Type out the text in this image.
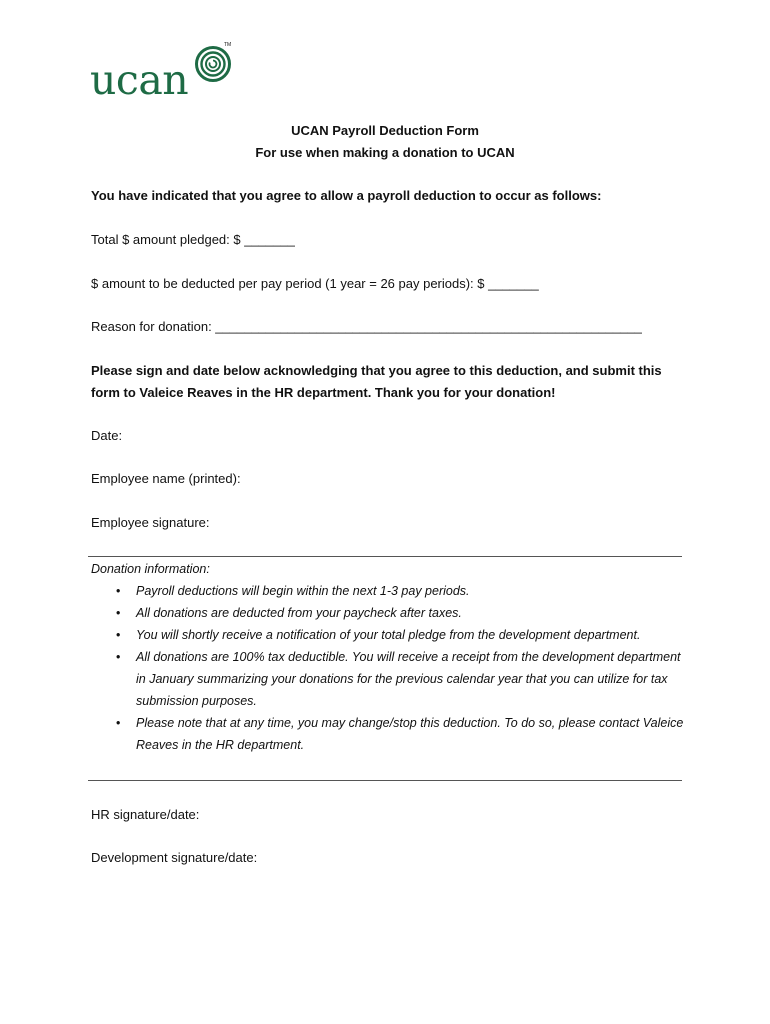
ucan
TM
UCAN Payroll Deduction Form
For use when making a donation to UCAN
You have indicated that you agree to allow a payroll deduction to occur as follows:
Total $ amount pledged: $ _______
$ amount to be deducted per pay period (1 year = 26 pay periods): $ _______
Reason for donation: ___________________________________________________________
Please sign and date below acknowledging that you agree to this deduction, and submit this form to Valeice Reaves in the HR department. Thank you for your donation!
Date:
Employee name (printed):
Employee signature:
Donation information:
• Payroll deductions will begin within the next 1-3 pay periods.
• All donations are deducted from your paycheck after taxes.
• You will shortly receive a notification of your total pledge from the development department.
• All donations are 100% tax deductible. You will receive a receipt from the development department in January summarizing your donations for the previous calendar year that you can utilize for tax submission purposes.
• Please note that at any time, you may change/stop this deduction. To do so, please contact Valeice Reaves in the HR department.
HR signature/date:
Development signature/date:
